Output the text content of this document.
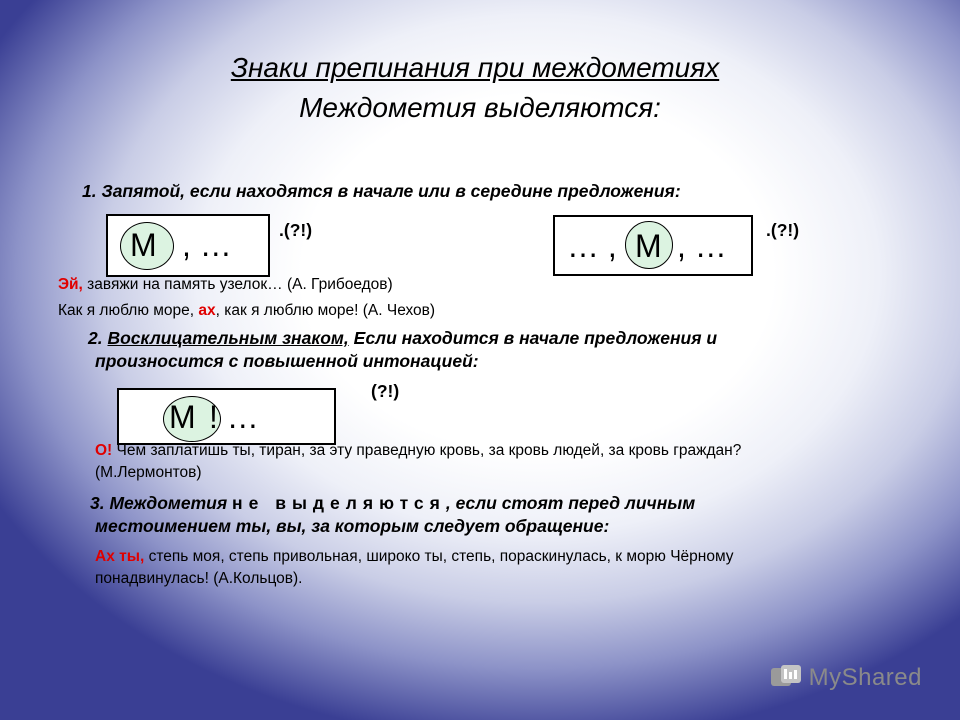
Знаки препинания при междометиях
Междометия выделяются:
1. Запятой, если находятся в начале или в середине предложения:
М , …	.(?!)	… , М , … .(?!)
Эй, завяжи на память узелок… (А. Грибоедов)
Как я люблю море, ах, как я люблю море! (А. Чехов)
2. Восклицательным знаком, Если находится в начале предложения и
произносится с повышенной интонацией:
М ! …
(?!)
О! Чем заплатишь ты, тиран, за эту праведную кровь, за кровь людей, за кровь граждан?
(М.Лермонтов)
3. Междометия не выделяются, если стоят перед личным
местоимением ты, вы, за которым следует обращение:
Ах ты, степь моя, степь привольная, широко ты, степь, пораскинулась, к морю Чёрному
понадвинулась! (А.Кольцов).
MyShared
